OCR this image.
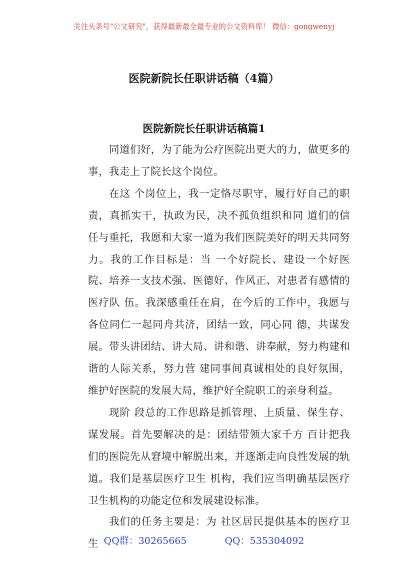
关注头条号"公文研究"，获得最新最全最专业的公文资料库！ 微信：gongwenyj
医院新院长任职讲话稿（4篇）
医院新院长任职讲话稿篇1

同道们好，为了能为公疗医院出更大的力，做更多的事，我走上了院长这个岗位。

在这 个岗位上，我一定恪尽职守，履行好自己的职责，真抓实干，执政为民，决不孤负组织和同 道们的信任与重托，我愿和大家一道为我们医院美好的明天共同努力。我的工作目标是：当 一个好院长、建设一个好医院、培养一支技术强、医德好、作风正、对患者有感情的医疗队 伍。我深感重任在肩，在今后的工作中，我愿与各位同仁一起同舟共济，团结一致，同心同 德，共谋发展。带头讲团结、讲大局、讲和谐、讲奉献，努力构建和谐的人际关系，努力营 建同事间真诚相处的良好氛围，维护好医院的发展大局，维护好全院职工的亲身利益。

现阶 段总的工作思路是抓管理、上质量、保生存、谋发展。首先要解决的是：团结带领大家千方 百计把我们的医院先从窘境中解脱出来，并逐渐走向良性发展的轨道。我们是基层医疗卫生 机构，我们应当明确基层医疗卫生机构的功能定位和发展建设标准。

我们的任务主要是：为 社区居民提供基本的医疗卫生 QQ群：30265665	QQ：535304092
